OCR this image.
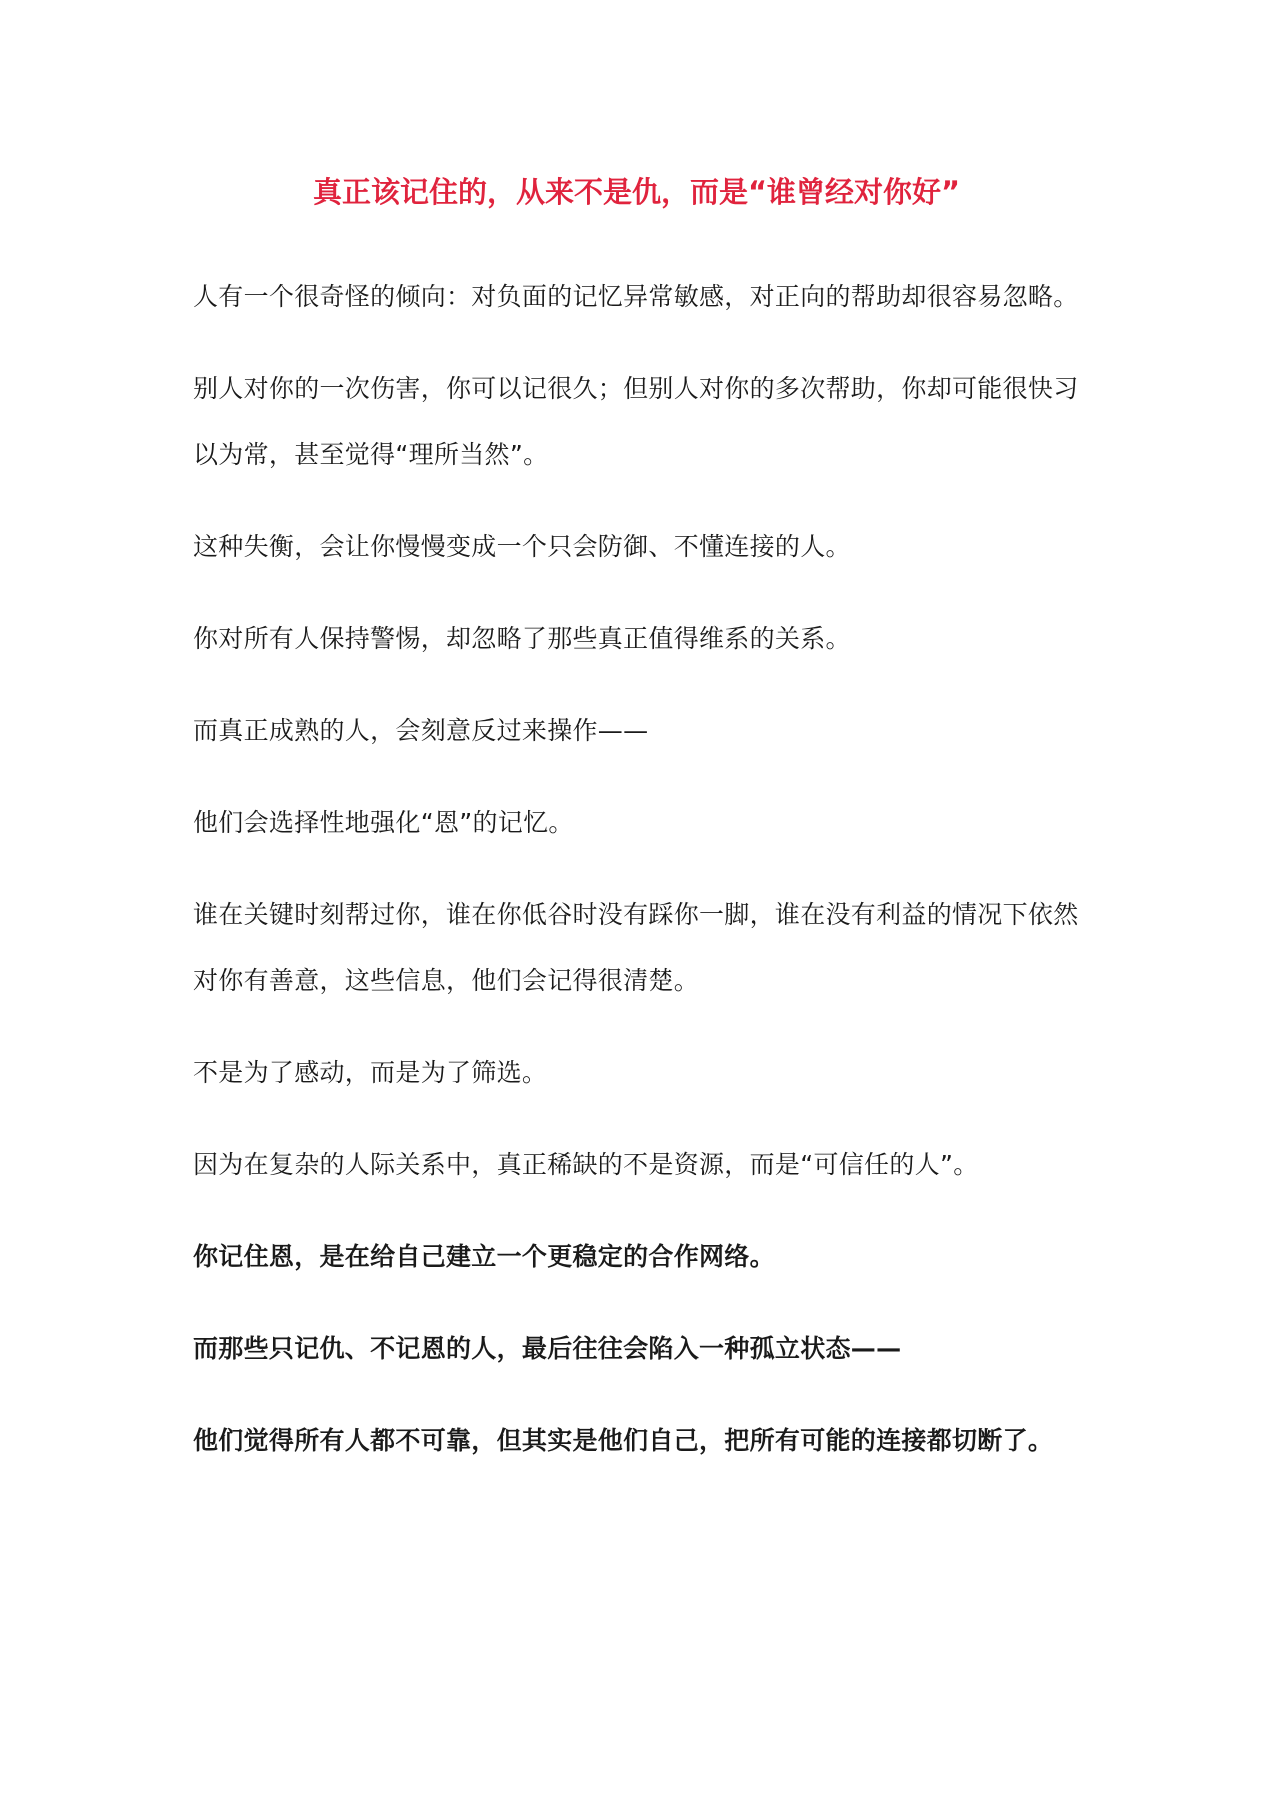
真正该记住的，从来不是仇，而是“谁曾经对你好”

人有一个很奇怪的倾向：对负面的记忆异常敏感，对正向的帮助却很容易忽略。

别人对你的一次伤害，你可以记很久；但别人对你的多次帮助，你却可能很快习以为常，甚至觉得“理所当然”。

这种失衡，会让你慢慢变成一个只会防御、不懂连接的人。

你对所有人保持警惕，却忽略了那些真正值得维系的关系。

而真正成熟的人，会刻意反过来操作——

他们会选择性地强化“恩”的记忆。

谁在关键时刻帮过你，谁在你低谷时没有踩你一脚，谁在没有利益的情况下依然对你有善意，这些信息，他们会记得很清楚。

不是为了感动，而是为了筛选。

因为在复杂的人际关系中，真正稀缺的不是资源，而是“可信任的人”。

你记住恩，是在给自己建立一个更稳定的合作网络。

而那些只记仇、不记恩的人，最后往往会陷入一种孤立状态——

他们觉得所有人都不可靠，但其实是他们自己，把所有可能的连接都切断了。
